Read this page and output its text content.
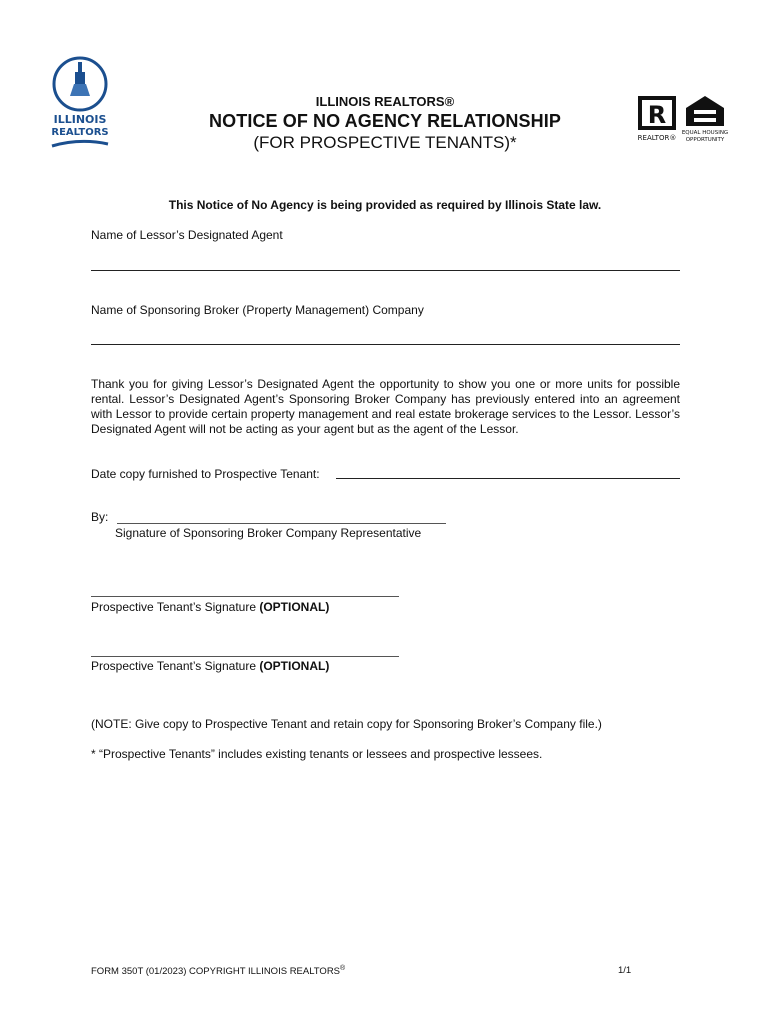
ILLINOIS
REALTORS
R
REALTOR®
EQUAL HOUSING
OPPORTUNITY
ILLINOIS REALTORS®
NOTICE OF NO AGENCY RELATIONSHIP
(FOR PROSPECTIVE TENANTS)*
This Notice of No Agency is being provided as required by Illinois State law.
Name of Lessor’s Designated Agent
Name of Sponsoring Broker (Property Management) Company
Thank you for giving Lessor’s Designated Agent the opportunity to show you one or more units for possible rental. Lessor’s Designated Agent’s Sponsoring Broker Company has previously entered into an agreement with Lessor to provide certain property management and real estate brokerage services to the Lessor. Lessor’s Designated Agent will not be acting as your agent but as the agent of the Lessor.
Date copy furnished to Prospective Tenant:
By:
Signature of Sponsoring Broker Company Representative
Prospective Tenant’s Signature (OPTIONAL)
Prospective Tenant’s Signature (OPTIONAL)
(NOTE: Give copy to Prospective Tenant and retain copy for Sponsoring Broker’s Company file.)
* “Prospective Tenants” includes existing tenants or lessees and prospective lessees.
FORM 350T (01/2023) COPYRIGHT ILLINOIS REALTORS®	1/1
